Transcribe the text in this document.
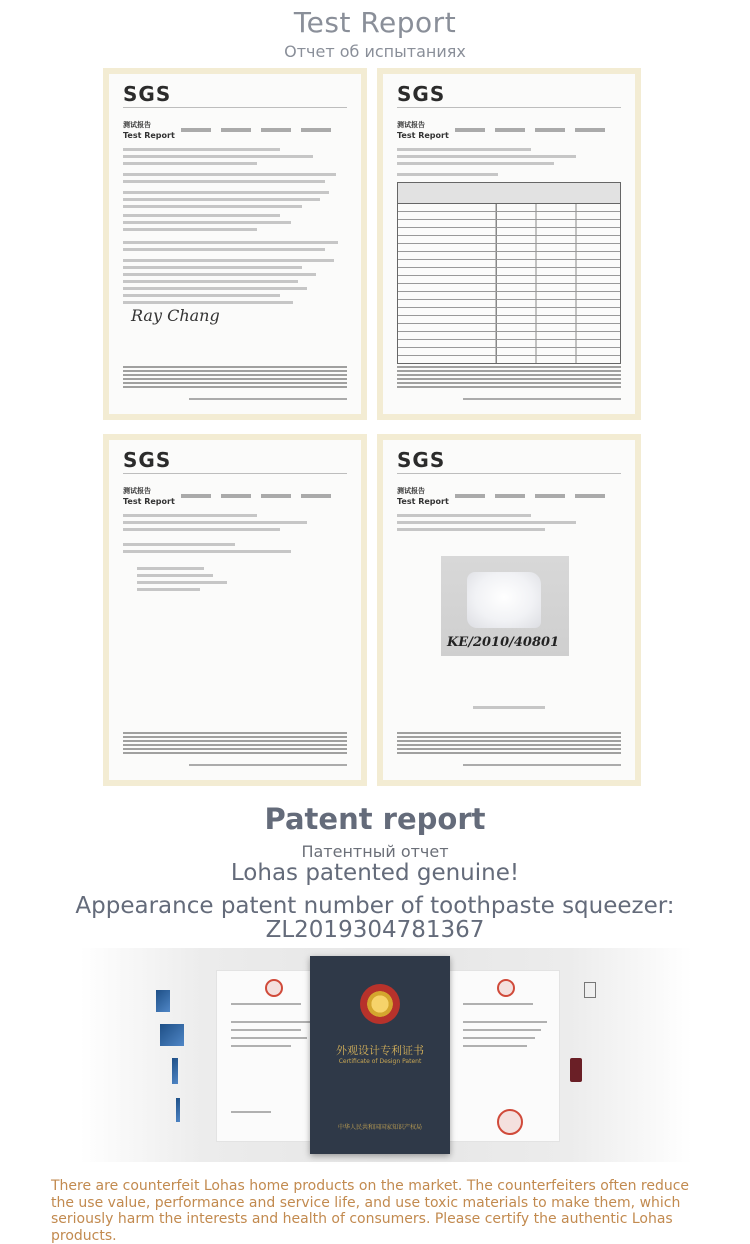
Test Report
Отчет об испытаниях
SGS
测试报告
Test Report
Ray Chang
SGS
测试报告
Test Report
SGS
测试报告
Test Report
SGS
测试报告
Test Report
KE/2010/40801
Patent report
Патентный отчет
Lohas patented genuine!
Appearance patent number of toothpaste squeezer:
ZL2019304781367
外观设计专利证书
Certificate of Design Patent
中华人民共和国国家知识产权局
There are counterfeit Lohas home products on the market. The counterfeiters often reduce the use value, performance and service life, and use toxic materials to make them, which seriously harm the interests and health of consumers. Please certify the authentic Lohas products.
